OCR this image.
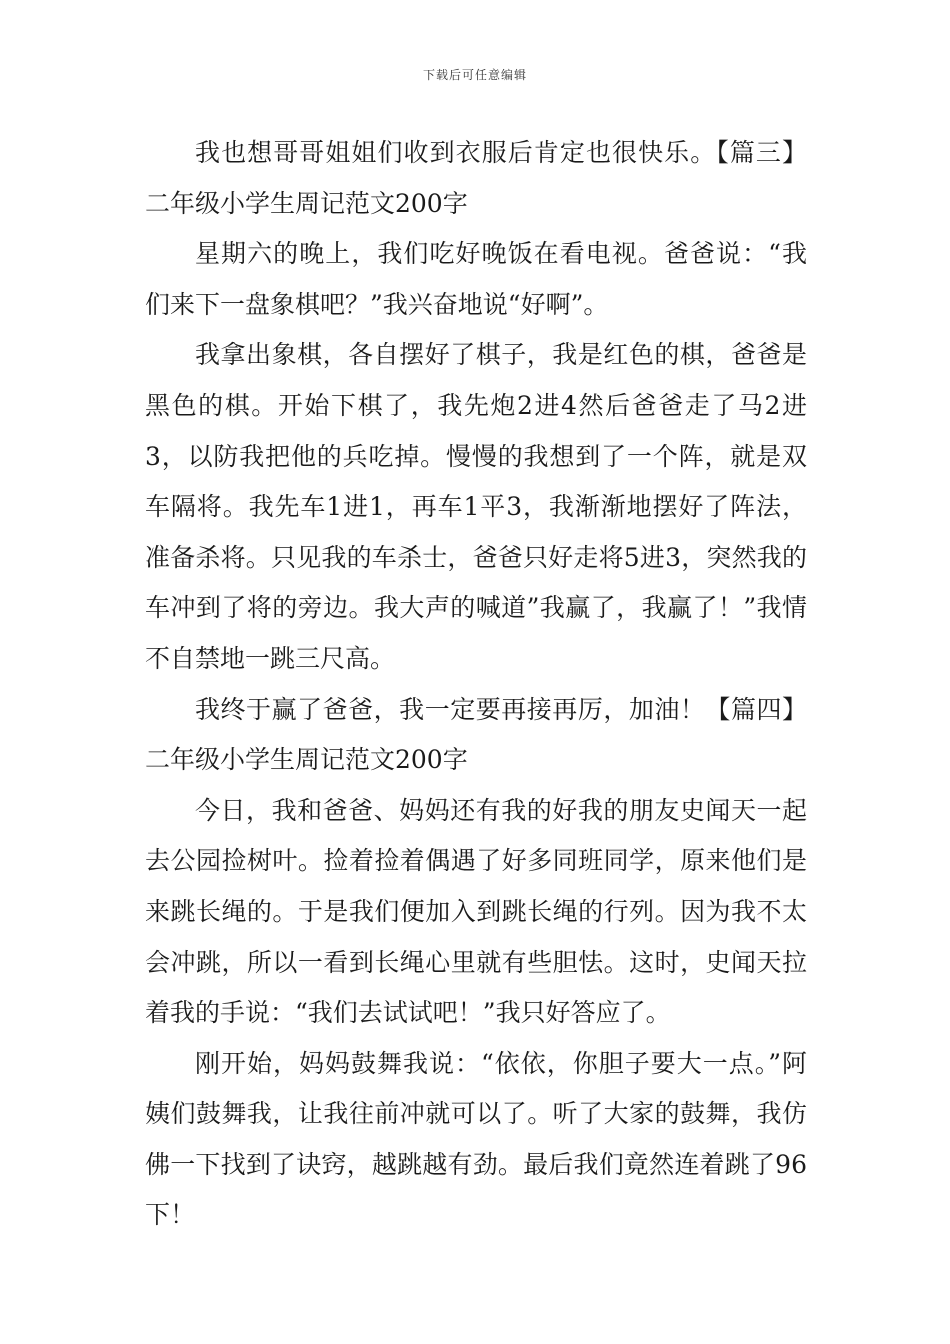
下载后可任意编辑

我也想哥哥姐姐们收到衣服后肯定也很快乐。【篇三】二年级小学生周记范文200字

星期六的晚上，我们吃好晚饭在看电视。爸爸说：“我们来下一盘象棋吧？”我兴奋地说“好啊”。

我拿出象棋，各自摆好了棋子，我是红色的棋，爸爸是黑色的棋。开始下棋了，我先炮2进4然后爸爸走了马2进3，以防我把他的兵吃掉。慢慢的我想到了一个阵，就是双车隔将。我先车1进1，再车1平3，我渐渐地摆好了阵法，准备杀将。只见我的车杀士，爸爸只好走将5进3，突然我的车冲到了将的旁边。我大声的喊道”我赢了，我赢了！”我情不自禁地一跳三尺高。

我终于赢了爸爸，我一定要再接再厉，加油！【篇四】二年级小学生周记范文200字

今日，我和爸爸、妈妈还有我的好我的朋友史闻天一起去公园捡树叶。捡着捡着偶遇了好多同班同学，原来他们是来跳长绳的。于是我们便加入到跳长绳的行列。因为我不太会冲跳，所以一看到长绳心里就有些胆怯。这时，史闻天拉着我的手说：“我们去试试吧！”我只好答应了。

刚开始，妈妈鼓舞我说：“依依，你胆子要大一点。”阿姨们鼓舞我，让我往前冲就可以了。听了大家的鼓舞，我仿佛一下找到了诀窍，越跳越有劲。最后我们竟然连着跳了96下！
